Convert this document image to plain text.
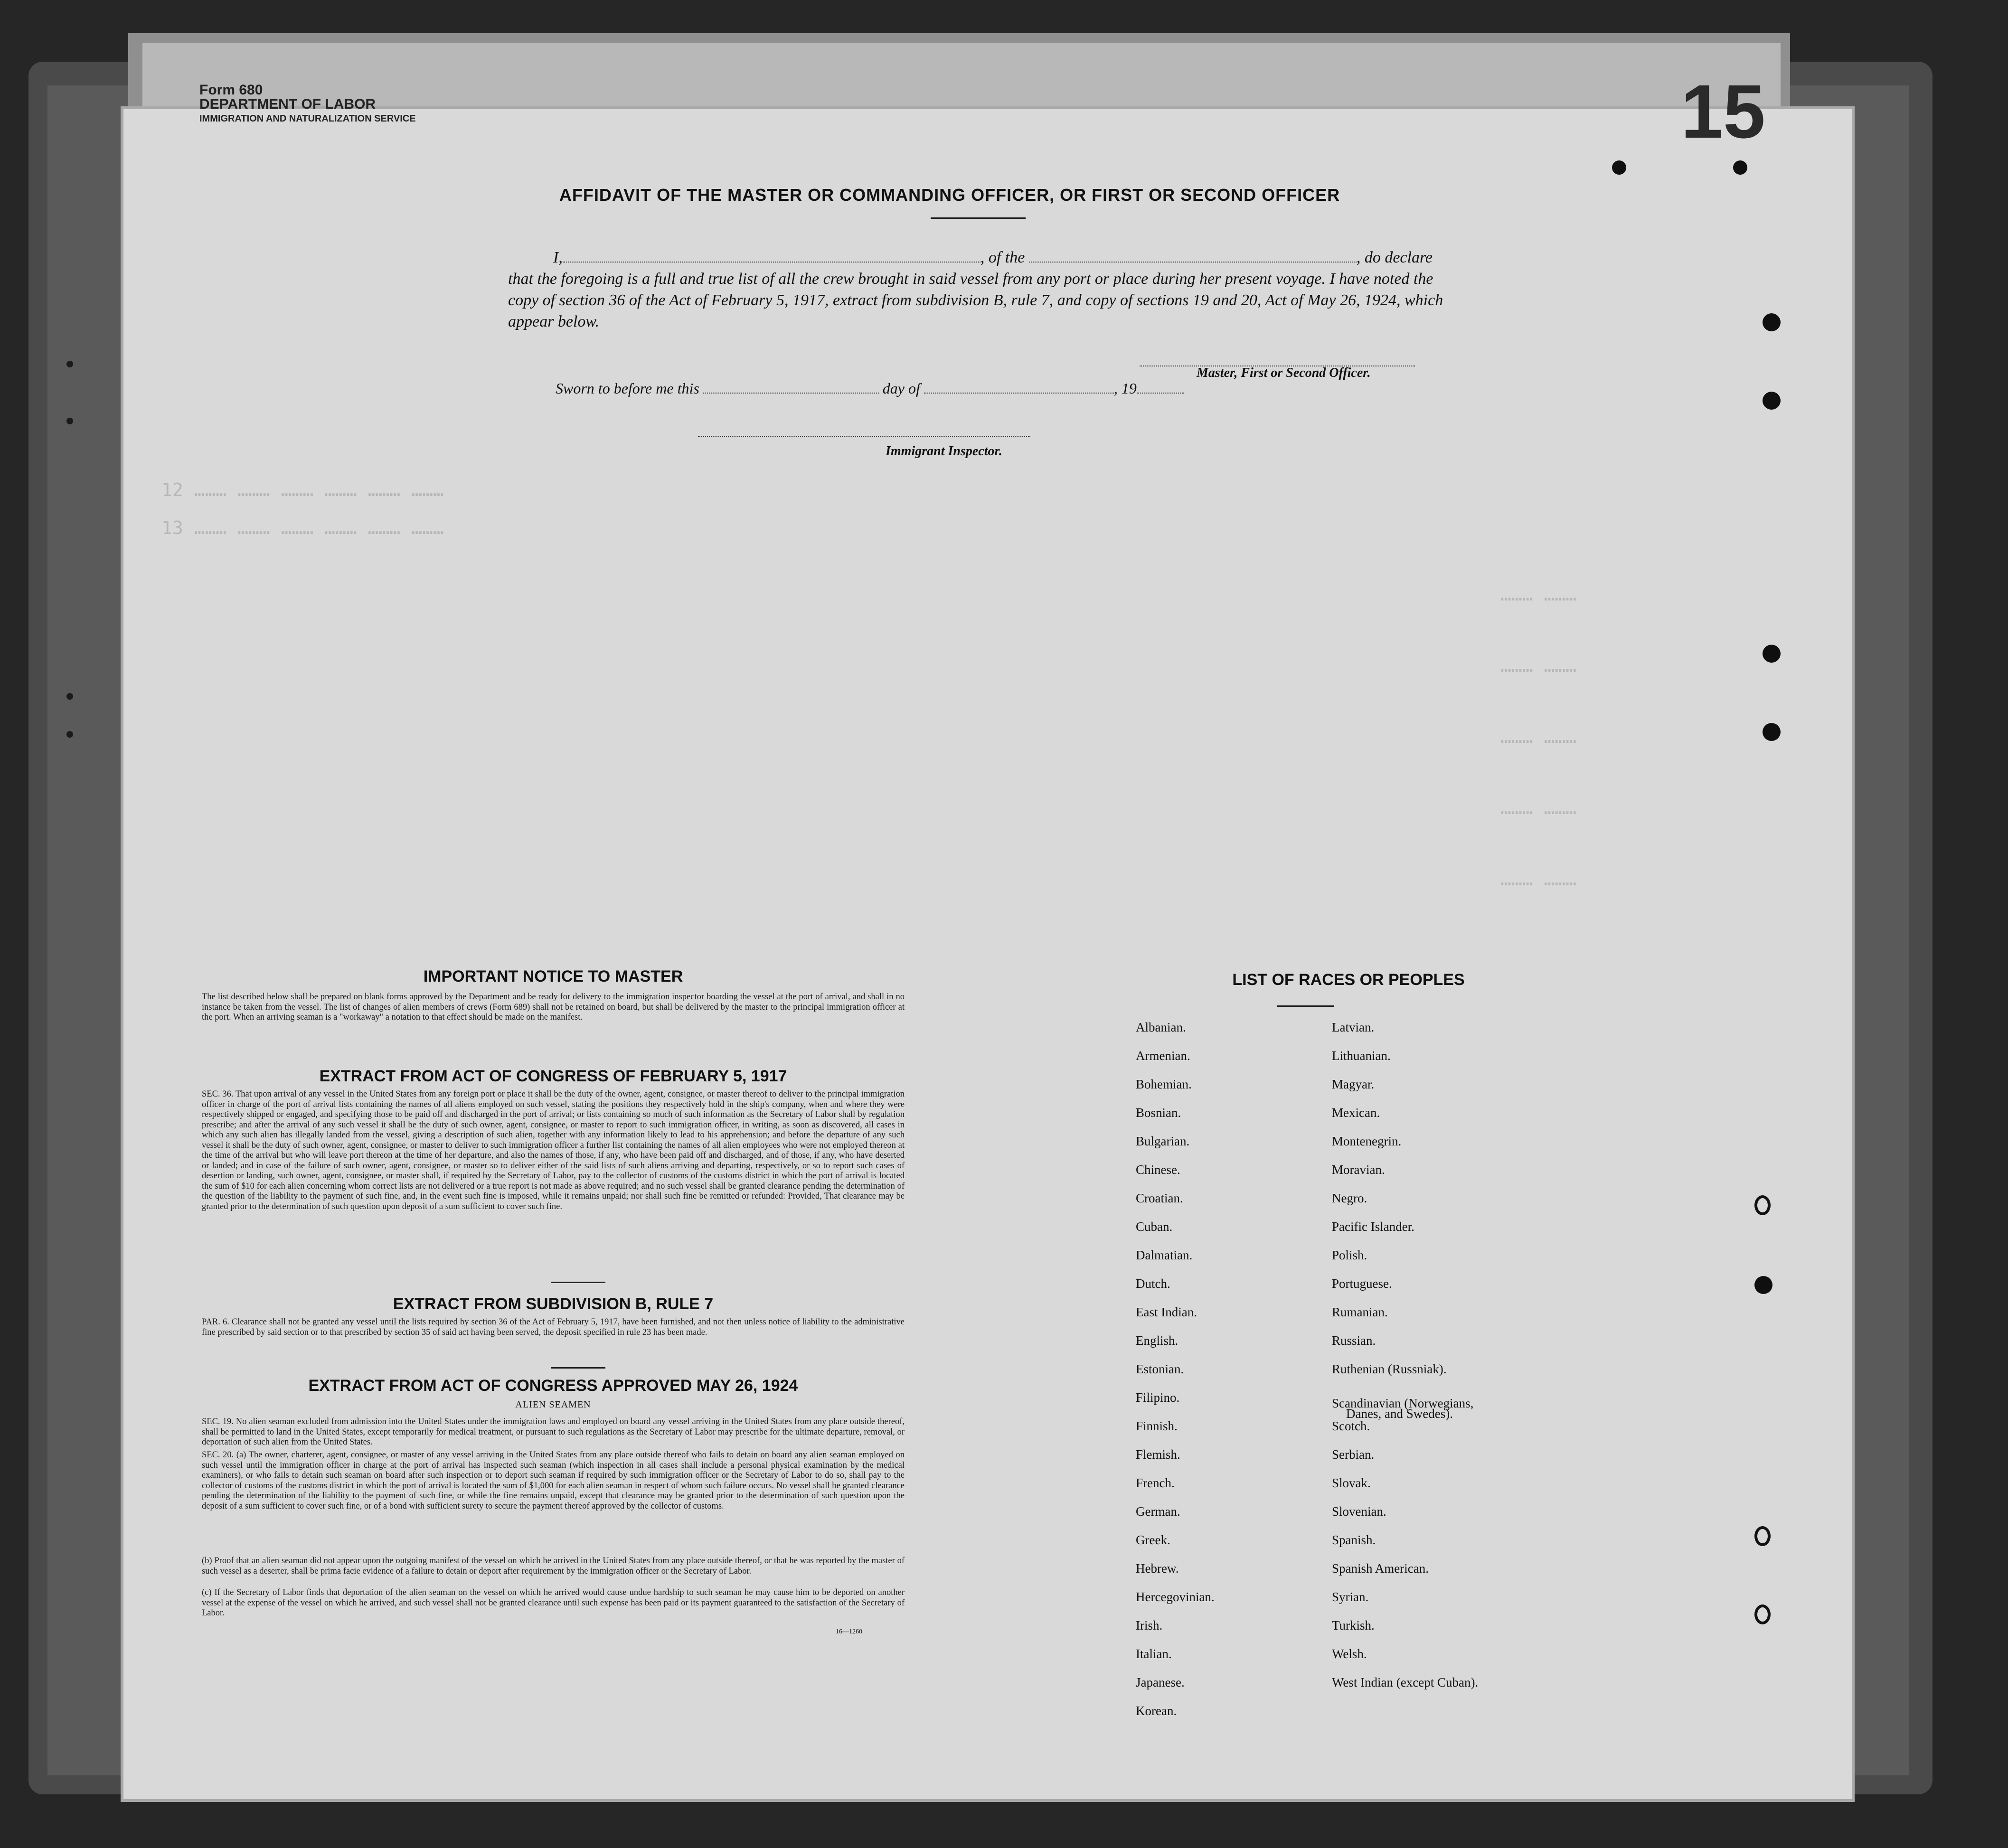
12 ……… ……… ……… ……… ……… ………
13 ……… ……… ……… ……… ……… ………
……… ………
……… ………
……… ………
……… ………
……… ………
Form 680
DEPARTMENT OF LABOR
IMMIGRATION AND NATURALIZATION SERVICE	15
AFFIDAVIT OF THE MASTER OR COMMANDING OFFICER, OR FIRST OR SECOND OFFICER
I,	, of the	, do declare
that the foregoing is a full and true list of all the crew brought in said vessel from any port or place during her present voyage. I have noted the copy of section 36 of the Act of February 5, 1917, extract from subdivision B, rule 7, and copy of sections 19 and 20, Act of May 26, 1924, which appear below.
Master, First or Second Officer.
Sworn to before me this	day of	, 19
Immigrant Inspector.
IMPORTANT NOTICE TO MASTER
The list described below shall be prepared on blank forms approved by the Department and be ready for delivery to the immigration inspector boarding the vessel at the port of arrival, and shall in no instance be taken from the vessel. The list of changes of alien members of crews (Form 689) shall not be retained on board, but shall be delivered by the master to the principal immigration officer at the port. When an arriving seaman is a "workaway" a notation to that effect should be made on the manifest.
EXTRACT FROM ACT OF CONGRESS OF FEBRUARY 5, 1917
SEC. 36. That upon arrival of any vessel in the United States from any foreign port or place it shall be the duty of the owner, agent, consignee, or master thereof to deliver to the principal immigration officer in charge of the port of arrival lists containing the names of all aliens employed on such vessel, stating the positions they respectively hold in the ship's company, when and where they were respectively shipped or engaged, and specifying those to be paid off and discharged in the port of arrival; or lists containing so much of such information as the Secretary of Labor shall by regulation prescribe; and after the arrival of any such vessel it shall be the duty of such owner, agent, consignee, or master to report to such immigration officer, in writing, as soon as discovered, all cases in which any such alien has illegally landed from the vessel, giving a description of such alien, together with any information likely to lead to his apprehension; and before the departure of any such vessel it shall be the duty of such owner, agent, consignee, or master to deliver to such immigration officer a further list containing the names of all alien employees who were not employed thereon at the time of the arrival but who will leave port thereon at the time of her departure, and also the names of those, if any, who have been paid off and discharged, and of those, if any, who have deserted or landed; and in case of the failure of such owner, agent, consignee, or master so to deliver either of the said lists of such aliens arriving and departing, respectively, or so to report such cases of desertion or landing, such owner, agent, consignee, or master shall, if required by the Secretary of Labor, pay to the collector of customs of the customs district in which the port of arrival is located the sum of $10 for each alien concerning whom correct lists are not delivered or a true report is not made as above required; and no such vessel shall be granted clearance pending the determination of the question of the liability to the payment of such fine, and, in the event such fine is imposed, while it remains unpaid; nor shall such fine be remitted or refunded: Provided, That clearance may be granted prior to the determination of such question upon deposit of a sum sufficient to cover such fine.
EXTRACT FROM SUBDIVISION B, RULE 7
PAR. 6. Clearance shall not be granted any vessel until the lists required by section 36 of the Act of February 5, 1917, have been furnished, and not then unless notice of liability to the administrative fine prescribed by said section or to that prescribed by section 35 of said act having been served, the deposit specified in rule 23 has been made.
EXTRACT FROM ACT OF CONGRESS APPROVED MAY 26, 1924
ALIEN SEAMEN
SEC. 19. No alien seaman excluded from admission into the United States under the immigration laws and employed on board any vessel arriving in the United States from any place outside thereof, shall be permitted to land in the United States, except temporarily for medical treatment, or pursuant to such regulations as the Secretary of Labor may prescribe for the ultimate departure, removal, or deportation of such alien from the United States.
SEC. 20. (a) The owner, charterer, agent, consignee, or master of any vessel arriving in the United States from any place outside thereof who fails to detain on board any alien seaman employed on such vessel until the immigration officer in charge at the port of arrival has inspected such seaman (which inspection in all cases shall include a personal physical examination by the medical examiners), or who fails to detain such seaman on board after such inspection or to deport such seaman if required by such immigration officer or the Secretary of Labor to do so, shall pay to the collector of customs of the customs district in which the port of arrival is located the sum of $1,000 for each alien seaman in respect of whom such failure occurs. No vessel shall be granted clearance pending the determination of the liability to the payment of such fine, or while the fine remains unpaid, except that clearance may be granted prior to the determination of such question upon the deposit of a sum sufficient to cover such fine, or of a bond with sufficient surety to secure the payment thereof approved by the collector of customs.
(b) Proof that an alien seaman did not appear upon the outgoing manifest of the vessel on which he arrived in the United States from any place outside thereof, or that he was reported by the master of such vessel as a deserter, shall be prima facie evidence of a failure to detain or deport after requirement by the immigration officer or the Secretary of Labor.
(c) If the Secretary of Labor finds that deportation of the alien seaman on the vessel on which he arrived would cause undue hardship to such seaman he may cause him to be deported on another vessel at the expense of the vessel on which he arrived, and such vessel shall not be granted clearance until such expense has been paid or its payment guaranteed to the satisfaction of the Secretary of Labor.
16—1260
LIST OF RACES OR PEOPLES
Albanian.
Armenian.
Bohemian.
Bosnian.
Bulgarian.
Chinese.
Croatian.
Cuban.
Dalmatian.
Dutch.
East Indian.
English.
Estonian.
Filipino.
Finnish.
Flemish.
French.
German.
Greek.
Hebrew.
Hercegovinian.
Irish.
Italian.
Japanese.
Korean.
Latvian.
Lithuanian.
Magyar.
Mexican.
Montenegrin.
Moravian.
Negro.
Pacific Islander.
Polish.
Portuguese.
Rumanian.
Russian.
Ruthenian (Russniak).
Scandinavian (Norwegians,
Danes, and Swedes).
Scotch.
Serbian.
Slovak.
Slovenian.
Spanish.
Spanish American.
Syrian.
Turkish.
Welsh.
West Indian (except Cuban).
